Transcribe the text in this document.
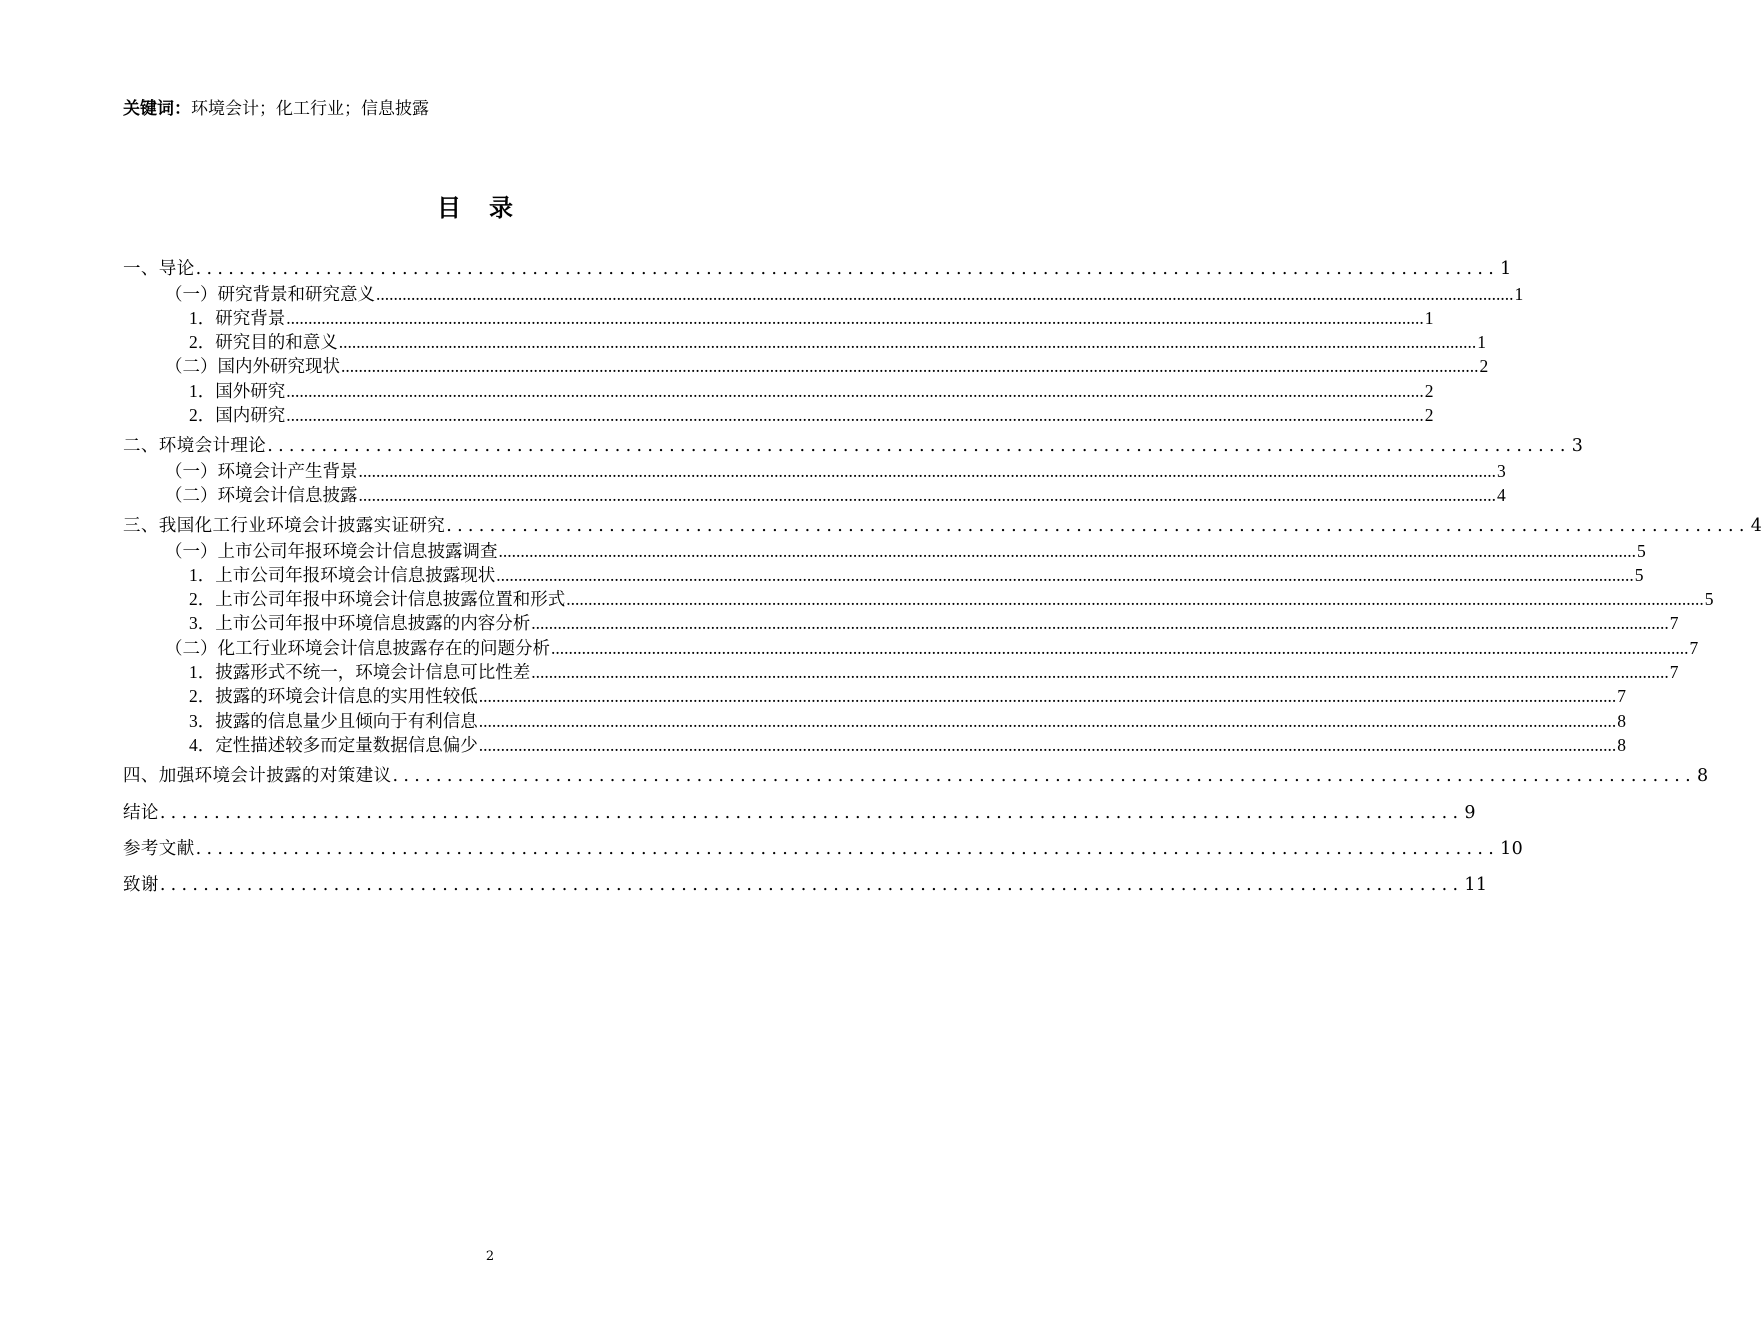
关键词：环境会计；化工行业；信息披露
目录
一、导论 ........................................................................................................................ 1
（一）研究背景和研究意义 .................................................................................................................................................................................................................................................................... 1
1．研究背景 .................................................................................................................................................................................................................................................................... 1
2．研究目的和意义 .................................................................................................................................................................................................................................................................... 1
（二）国内外研究现状 .................................................................................................................................................................................................................................................................... 2
1．国外研究 .................................................................................................................................................................................................................................................................... 2
2．国内研究 .................................................................................................................................................................................................................................................................... 2
二、环境会计理论 ........................................................................................................................ 3
（一）环境会计产生背景 .................................................................................................................................................................................................................................................................... 3
（二）环境会计信息披露 .................................................................................................................................................................................................................................................................... 4
三、我国化工行业环境会计披露实证研究 ........................................................................................................................ 4
（一）上市公司年报环境会计信息披露调查 .................................................................................................................................................................................................................................................................... 5
1．上市公司年报环境会计信息披露现状 .................................................................................................................................................................................................................................................................... 5
2．上市公司年报中环境会计信息披露位置和形式 .................................................................................................................................................................................................................................................................... 5
3．上市公司年报中环境信息披露的内容分析 .................................................................................................................................................................................................................................................................... 7
（二）化工行业环境会计信息披露存在的问题分析 .................................................................................................................................................................................................................................................................... 7
1．披露形式不统一，环境会计信息可比性差 .................................................................................................................................................................................................................................................................... 7
2．披露的环境会计信息的实用性较低 .................................................................................................................................................................................................................................................................... 7
3．披露的信息量少且倾向于有利信息 .................................................................................................................................................................................................................................................................... 8
4．定性描述较多而定量数据信息偏少 .................................................................................................................................................................................................................................................................... 8
四、加强环境会计披露的对策建议 ........................................................................................................................ 8
结论 ........................................................................................................................ 9
参考文献 ........................................................................................................................ 10
致谢 ........................................................................................................................ 11
2
